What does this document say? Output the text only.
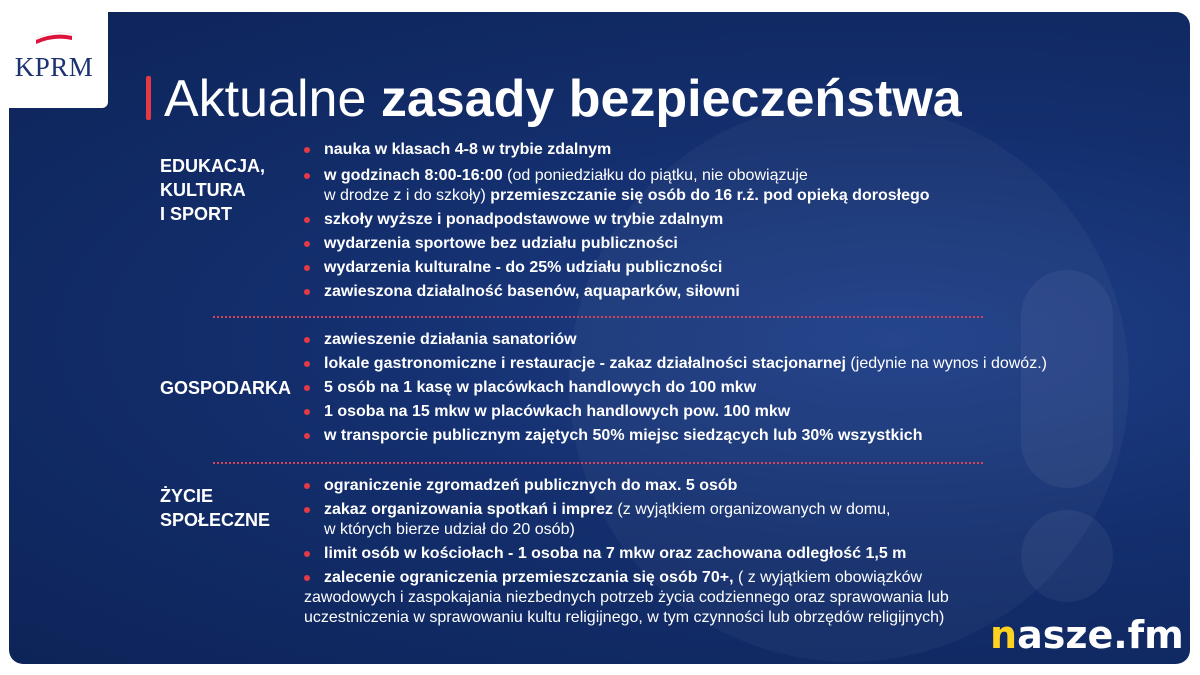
Aktualne zasady bezpieczeństwa
EDUKACJA,
KULTURA
I SPORT
nauka w klasach 4-8 w trybie zdalnym
w godzinach 8:00-16:00 (od poniedziałku do piątku, nie obowiązuje
w drodze z i do szkoły) przemieszczanie się osób do 16 r.ż. pod opieką dorosłego
szkoły wyższe i ponadpodstawowe w trybie zdalnym
wydarzenia sportowe bez udziału publiczności
wydarzenia kulturalne - do 25% udziału publiczności
zawieszona działalność basenów, aquaparków, siłowni
GOSPODARKA
zawieszenie działania sanatoriów
lokale gastronomiczne i restauracje - zakaz działalności stacjonarnej (jedynie na wynos i dowóz.)
5 osób na 1 kasę w placówkach handlowych do 100 mkw
1 osoba na 15 mkw w placówkach handlowych pow. 100 mkw
w transporcie publicznym zajętych 50% miejsc siedzących lub 30% wszystkich
ŻYCIE
SPOŁECZNE
ograniczenie zgromadzeń publicznych do max. 5 osób
zakaz organizowania spotkań i imprez (z wyjątkiem organizowanych w domu,
w których bierze udział do 20 osób)
limit osób w kościołach - 1 osoba na 7 mkw oraz zachowana odległość 1,5 m
zalecenie ograniczenia przemieszczania się osób 70+, ( z wyjątkiem obowiązków
zawodowych i zaspokajania niezbednych potrzeb życia codziennego oraz sprawowania lub
uczestniczenia w sprawowaniu kultu religijnego, w tym czynności lub obrzędów religijnych)
KPRM
nasze.fm
